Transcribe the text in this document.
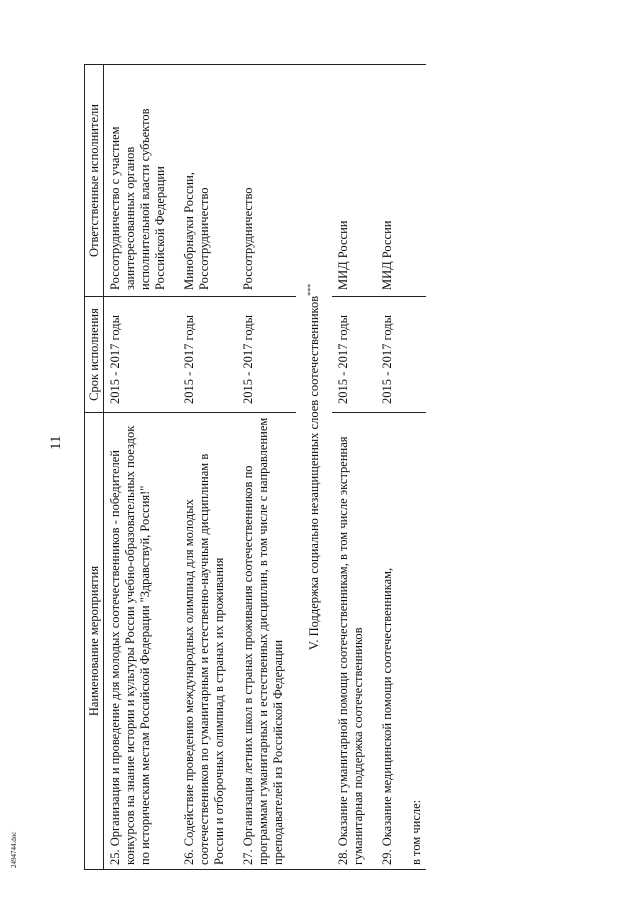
11
2494744.doc
Наименование мероприятия	Срок исполнения	Ответственные исполнители
25. Организация и проведение для молодых соотечественников - победителей конкурсов на знание истории и культуры России учебно-образовательных поездок по историческим местам Российской Федерации "Здравствуй, Россия!"	2015 - 2017 годы	Россотрудничество с участием заинтересованных органов исполнительной власти субъектов Российской Федерации
26. Содействие проведению международных олимпиад для молодых соотечественников по гуманитарным и естественно-научным дисциплинам в России и отборочных олимпиад в странах их проживания	2015 - 2017 годы	Минобрнауки России, Россотрудничество
27. Организация летних школ в странах проживания соотечественников по программам гуманитарных и естественных дисциплин, в том числе с направлением преподавателей из Российской Федерации	2015 - 2017 годы	Россотрудничество
V. Поддержка социально незащищенных слоев соотечественников***
28. Оказание гуманитарной помощи соотечественникам, в том числе экстренная гуманитарная поддержка соотечественников	2015 - 2017 годы	МИД России
29. Оказание медицинской помощи соотечественникам,	2015 - 2017 годы	МИД России
в том числе:		
